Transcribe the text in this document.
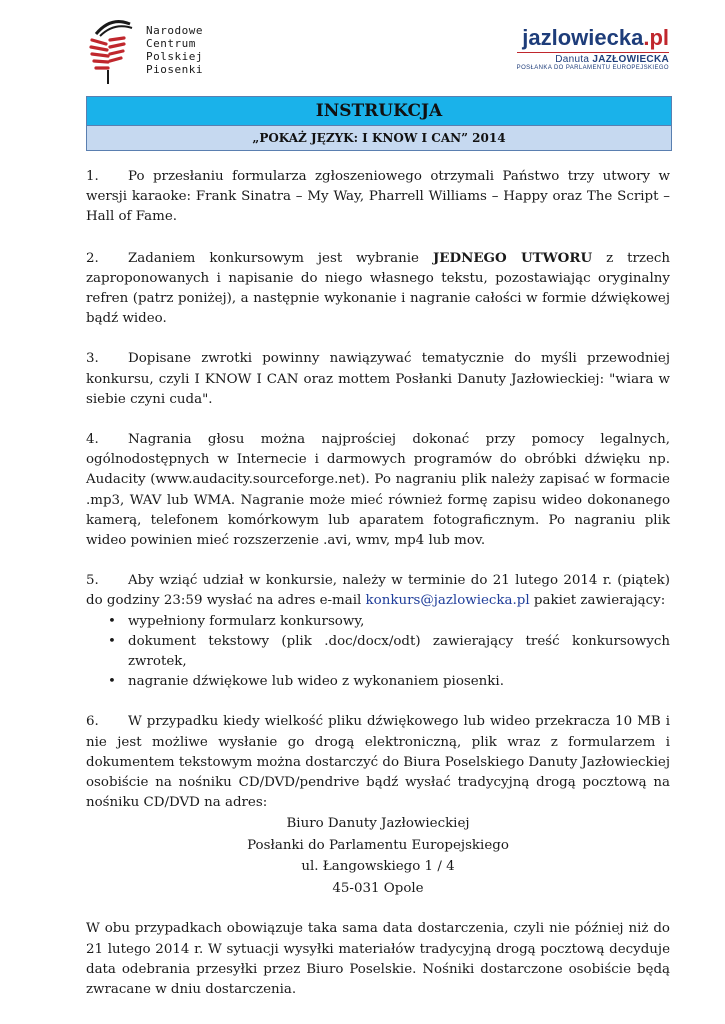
Narodowe
Centrum
Polskiej
Piosenki
jazlowiecka.pl
Danuta JAZŁOWIECKA
POSŁANKA DO PARLAMENTU EUROPEJSKIEGO
INSTRUKCJA
„POKAŻ JĘZYK: I KNOW I CAN” 2014

1. Po przesłaniu formularza zgłoszeniowego otrzymali Państwo trzy utwory w wersji karaoke: Frank Sinatra – My Way, Pharrell Williams – Happy oraz The Script – Hall of Fame.

2. Zadaniem konkursowym jest wybranie JEDNEGO UTWORU z trzech zaproponowanych i napisanie do niego własnego tekstu, pozostawiając oryginalny refren (patrz poniżej), a następnie wykonanie i nagranie całości w formie dźwiękowej bądź wideo.

3. Dopisane zwrotki powinny nawiązywać tematycznie do myśli przewodniej konkursu, czyli I KNOW I CAN oraz mottem Posłanki Danuty Jazłowieckiej: "wiara w siebie czyni cuda".

4. Nagrania głosu można najprościej dokonać przy pomocy legalnych, ogólnodostępnych w Internecie i darmowych programów do obróbki dźwięku np. Audacity (www.audacity.sourceforge.net). Po nagraniu plik należy zapisać w formacie .mp3, WAV lub WMA. Nagranie może mieć również formę zapisu wideo dokonanego kamerą, telefonem komórkowym lub aparatem fotograficznym. Po nagraniu plik wideo powinien mieć rozszerzenie .avi, wmv, mp4 lub mov.

5. Aby wziąć udział w konkursie, należy w terminie do 21 lutego 2014 r. (piątek) do godziny 23:59 wysłać na adres e-mail konkurs@jazlowiecka.pl pakiet zawierający:

• wypełniony formularz konkursowy,
• dokument tekstowy (plik .doc/docx/odt) zawierający treść konkursowych zwrotek,
• nagranie dźwiękowe lub wideo z wykonaniem piosenki.

6. W przypadku kiedy wielkość pliku dźwiękowego lub wideo przekracza 10 MB i nie jest możliwe wysłanie go drogą elektroniczną, plik wraz z formularzem i dokumentem tekstowym można dostarczyć do Biura Poselskiego Danuty Jazłowieckiej osobiście na nośniku CD/DVD/pendrive bądź wysłać tradycyjną drogą pocztową na nośniku CD/DVD na adres:

Biuro Danuty Jazłowieckiej
Posłanki do Parlamentu Europejskiego
ul. Łangowskiego 1 / 4
45-031 Opole

W obu przypadkach obowiązuje taka sama data dostarczenia, czyli nie później niż do 21 lutego 2014 r. W sytuacji wysyłki materiałów tradycyjną drogą pocztową decyduje data odebrania przesyłki przez Biuro Poselskie. Nośniki dostarczone osobiście będą zwracane w dniu dostarczenia.
